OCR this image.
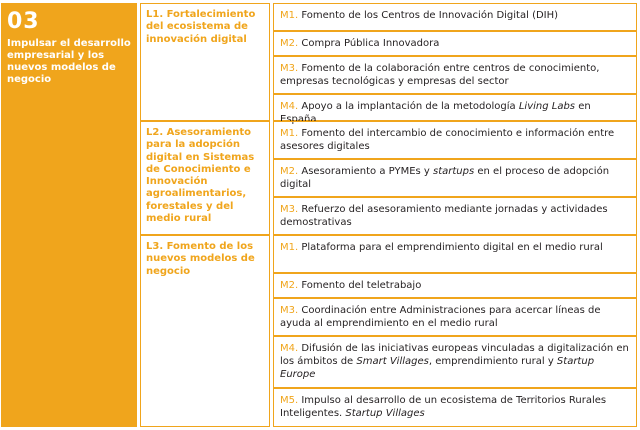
03
Impulsar el desarrollo empresarial y los nuevos modelos de negocio
L1. Fortalecimiento del ecosistema de innovación digital
M1. Fomento de los Centros de Innovación Digital (DIH)
M2. Compra Pública Innovadora
M3. Fomento de la colaboración entre centros de conocimiento, empresas tecnológicas y empresas del sector
M4. Apoyo a la implantación de la metodología Living Labs en España
L2. Asesoramiento para la adopción digital en Sistemas de Conocimiento e Innovación agroalimentarios, forestales y del medio rural
M1. Fomento del intercambio de conocimiento e información entre asesores digitales
M2. Asesoramiento a PYMEs y startups en el proceso de adopción digital
M3. Refuerzo del asesoramiento mediante jornadas y actividades demostrativas
L3. Fomento de los nuevos modelos de negocio
M1. Plataforma para el emprendimiento digital en el medio rural
M2. Fomento del teletrabajo
M3. Coordinación entre Administraciones para acercar líneas de ayuda al emprendimiento en el medio rural
M4. Difusión de las iniciativas europeas vinculadas a digitalización en los ámbitos de Smart Villages, emprendimiento rural y Startup Europe
M5. Impulso al desarrollo de un ecosistema de Territorios Rurales Inteligentes. Startup Villages
